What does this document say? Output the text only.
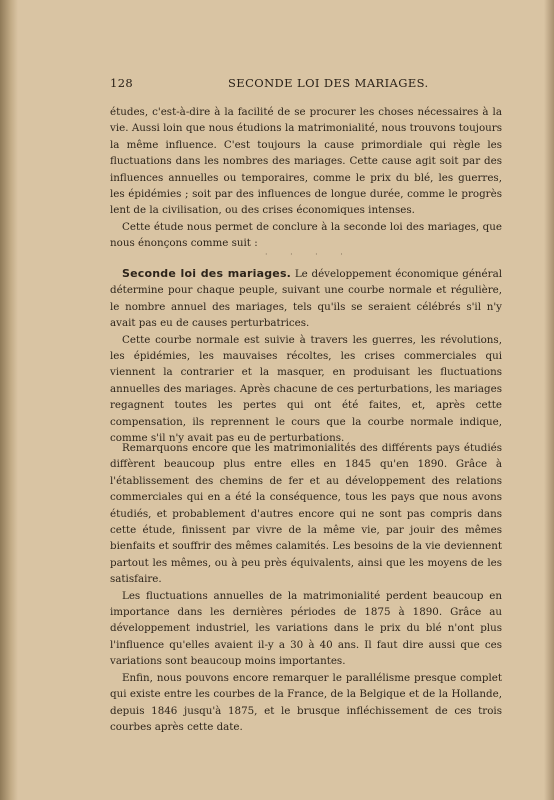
128	SECONDE LOI DES MARIAGES.

études, c'est-à-dire à la facilité de se procurer les choses nécessaires à la vie. Aussi loin que nous étudions la matrimonialité, nous trouvons toujours la même influence. C'est toujours la cause primordiale qui règle les fluctuations dans les nombres des mariages. Cette cause agit soit par des influences annuelles ou temporaires, comme le prix du blé, les guerres, les épidémies ; soit par des influences de longue durée, comme le progrès lent de la civilisation, ou des crises économiques intenses.

Cette étude nous permet de conclure à la seconde loi des mariages, que nous énonçons comme suit :

· · · ·

Seconde loi des mariages. Le développement économique général détermine pour chaque peuple, suivant une courbe normale et régulière, le nombre annuel des mariages, tels qu'ils se seraient célébrés s'il n'y avait pas eu de causes perturbatrices.

Cette courbe normale est suivie à travers les guerres, les révolutions, les épidémies, les mauvaises récoltes, les crises commerciales qui viennent la contrarier et la masquer, en produisant les fluctuations annuelles des mariages. Après chacune de ces perturbations, les mariages regagnent toutes les pertes qui ont été faites, et, après cette compensation, ils reprennent le cours que la courbe normale indique, comme s'il n'y avait pas eu de perturbations.

Remarquons encore que les matrimonialités des différents pays étudiés diffèrent beaucoup plus entre elles en 1845 qu'en 1890. Grâce à l'établissement des chemins de fer et au développement des relations commerciales qui en a été la conséquence, tous les pays que nous avons étudiés, et probablement d'autres encore qui ne sont pas compris dans cette étude, finissent par vivre de la même vie, par jouir des mêmes bienfaits et souffrir des mêmes calamités. Les besoins de la vie deviennent partout les mêmes, ou à peu près équivalents, ainsi que les moyens de les satisfaire.

Les fluctuations annuelles de la matrimonialité perdent beaucoup en importance dans les dernières périodes de 1875 à 1890. Grâce au développement industriel, les variations dans le prix du blé n'ont plus l'influence qu'elles avaient il-y a 30 à 40 ans. Il faut dire aussi que ces variations sont beaucoup moins importantes.

Enfin, nous pouvons encore remarquer le parallélisme presque complet qui existe entre les courbes de la France, de la Belgique et de la Hollande, depuis 1846 jusqu'à 1875, et le brusque infléchissement de ces trois courbes après cette date.
